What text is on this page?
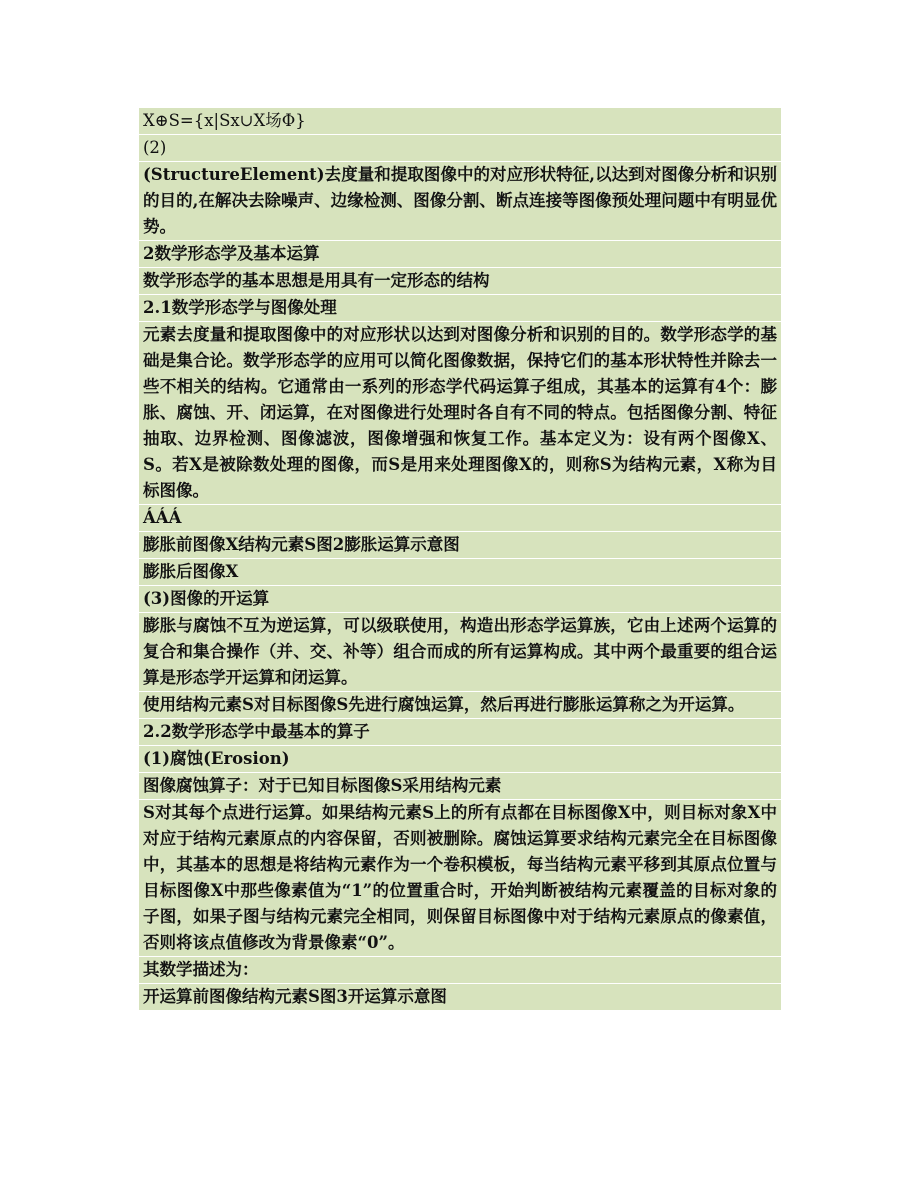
X⊕S={x|Sx∪X场Φ}
(2)
(StructureElement)去度量和提取图像中的对应形状特征,以达到对图像分析和识别的目的,在解决去除噪声、边缘检测、图像分割、断点连接等图像预处理问题中有明显优势。
2数学形态学及基本运算
数学形态学的基本思想是用具有一定形态的结构
2.1数学形态学与图像处理
元素去度量和提取图像中的对应形状以达到对图像分析和识别的目的。数学形态学的基础是集合论。数学形态学的应用可以简化图像数据，保持它们的基本形状特性并除去一些不相关的结构。它通常由一系列的形态学代码运算子组成，其基本的运算有4个：膨胀、腐蚀、开、闭运算，在对图像进行处理时各自有不同的特点。包括图像分割、特征抽取、边界检测、图像滤波，图像增强和恢复工作。基本定义为：设有两个图像X、S。若X是被除数处理的图像，而S是用来处理图像X的，则称S为结构元素，X称为目标图像。
ÁÁÁ
膨胀前图像X结构元素S图2膨胀运算示意图
膨胀后图像X
(3)图像的开运算
膨胀与腐蚀不互为逆运算，可以级联使用，构造出形态学运算族，它由上述两个运算的复合和集合操作（并、交、补等）组合而成的所有运算构成。其中两个最重要的组合运算是形态学开运算和闭运算。
使用结构元素S对目标图像S先进行腐蚀运算，然后再进行膨胀运算称之为开运算。
2.2数学形态学中最基本的算子
(1)腐蚀(Erosion)
图像腐蚀算子：对于已知目标图像S采用结构元素
S对其每个点进行运算。如果结构元素S上的所有点都在目标图像X中，则目标对象X中对应于结构元素原点的内容保留，否则被删除。腐蚀运算要求结构元素完全在目标图像中，其基本的思想是将结构元素作为一个卷积模板，每当结构元素平移到其原点位置与目标图像X中那些像素值为“1”的位置重合时，开始判断被结构元素覆盖的目标对象的子图，如果子图与结构元素完全相同，则保留目标图像中对于结构元素原点的像素值，否则将该点值修改为背景像素“0”。
其数学描述为：
开运算前图像结构元素S图3开运算示意图
